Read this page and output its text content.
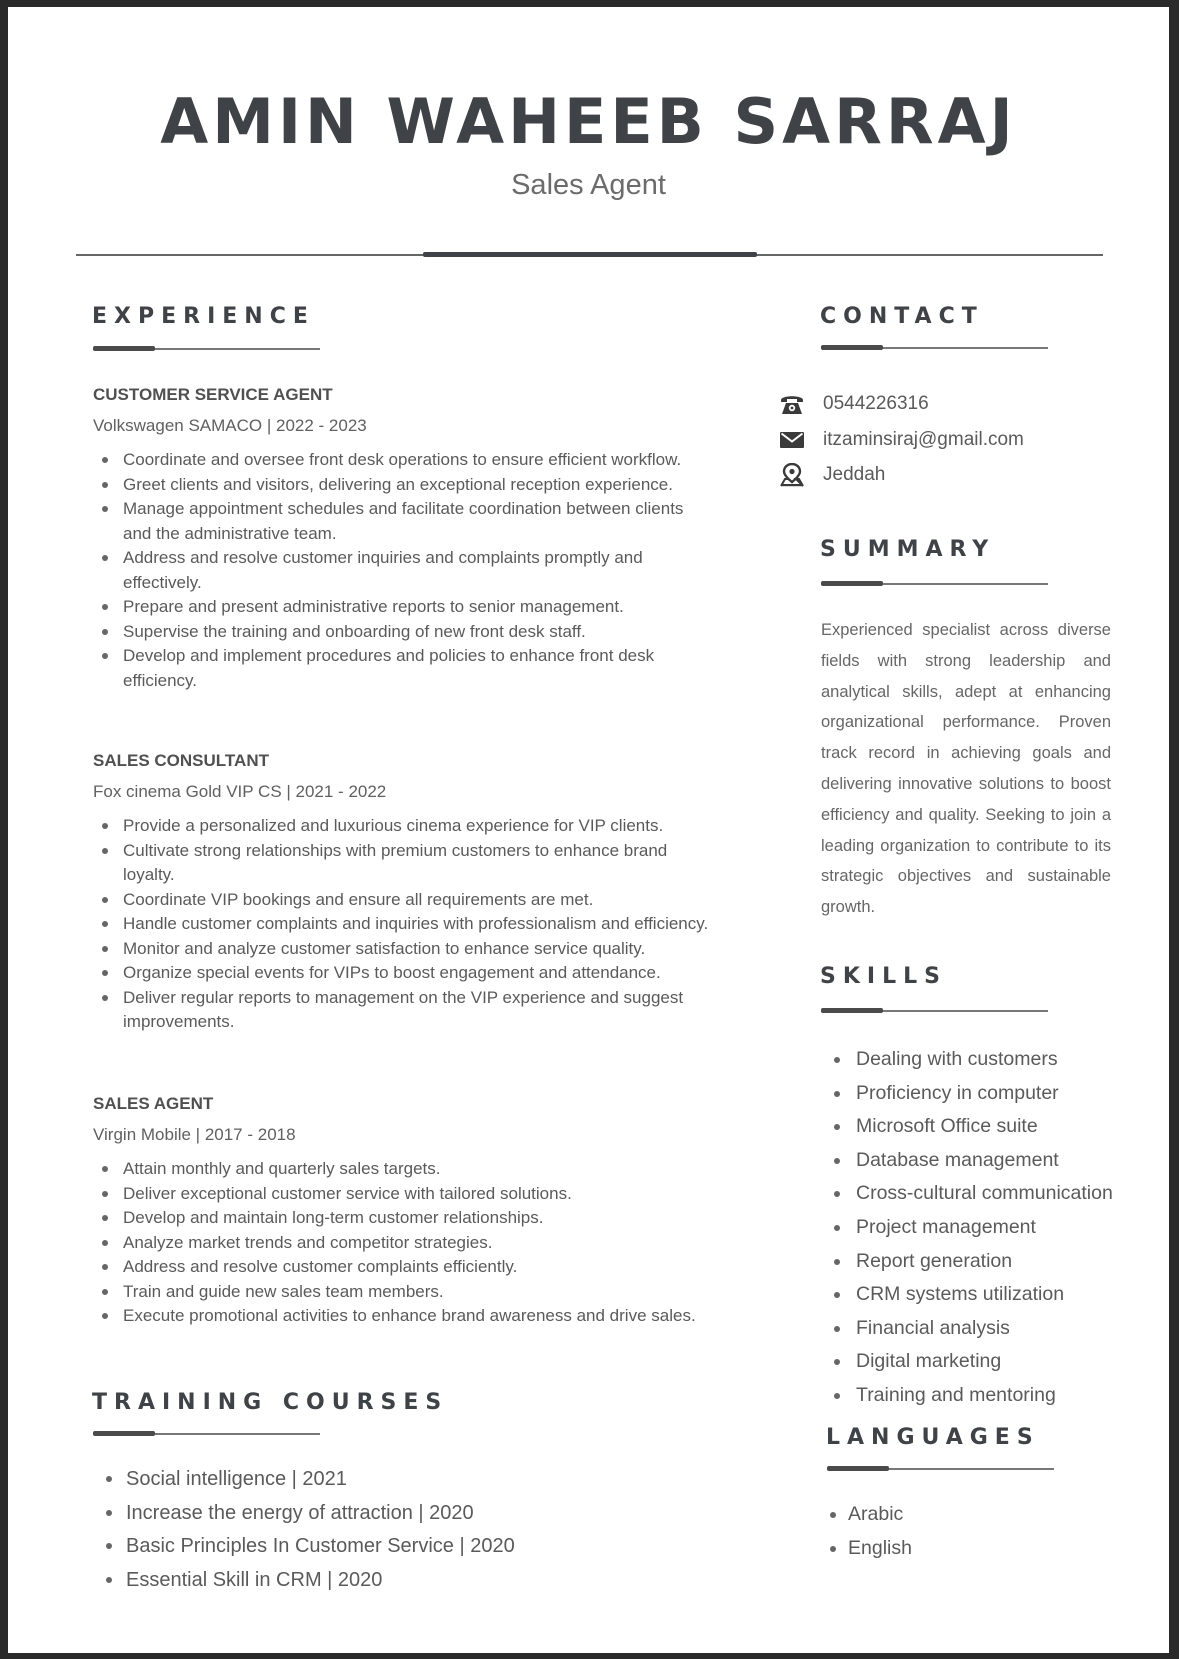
AMIN WAHEEB SARRAJ
Sales Agent
EXPERIENCE
CUSTOMER SERVICE AGENT
Volkswagen SAMACO | 2022 - 2023
Coordinate and oversee front desk operations to ensure efficient workflow.
Greet clients and visitors, delivering an exceptional reception experience.
Manage appointment schedules and facilitate coordination between clients and the administrative team.
Address and resolve customer inquiries and complaints promptly and effectively.
Prepare and present administrative reports to senior management.
Supervise the training and onboarding of new front desk staff.
Develop and implement procedures and policies to enhance front desk efficiency.
SALES CONSULTANT
Fox cinema Gold VIP CS | 2021 - 2022
Provide a personalized and luxurious cinema experience for VIP clients.
Cultivate strong relationships with premium customers to enhance brand loyalty.
Coordinate VIP bookings and ensure all requirements are met.
Handle customer complaints and inquiries with professionalism and efficiency.
Monitor and analyze customer satisfaction to enhance service quality.
Organize special events for VIPs to boost engagement and attendance.
Deliver regular reports to management on the VIP experience and suggest improvements.
SALES AGENT
Virgin Mobile | 2017 - 2018
Attain monthly and quarterly sales targets.
Deliver exceptional customer service with tailored solutions.
Develop and maintain long-term customer relationships.
Analyze market trends and competitor strategies.
Address and resolve customer complaints efficiently.
Train and guide new sales team members.
Execute promotional activities to enhance brand awareness and drive sales.
TRAINING COURSES
Social intelligence | 2021
Increase the energy of attraction | 2020
Basic Principles In Customer Service | 2020
Essential Skill in CRM | 2020
CONTACT
0544226316
itzaminsiraj@gmail.com
Jeddah
SUMMARY

Experienced specialist across diverse fields with strong leadership and analytical skills, adept at enhancing organizational performance. Proven track record in achieving goals and delivering innovative solutions to boost efficiency and quality. Seeking to join a leading organization to contribute to its strategic objectives and sustainable growth.

SKILLS
Dealing with customers
Proficiency in computer
Microsoft Office suite
Database management
Cross-cultural communication
Project management
Report generation
CRM systems utilization
Financial analysis
Digital marketing
Training and mentoring
LANGUAGES
Arabic
English
